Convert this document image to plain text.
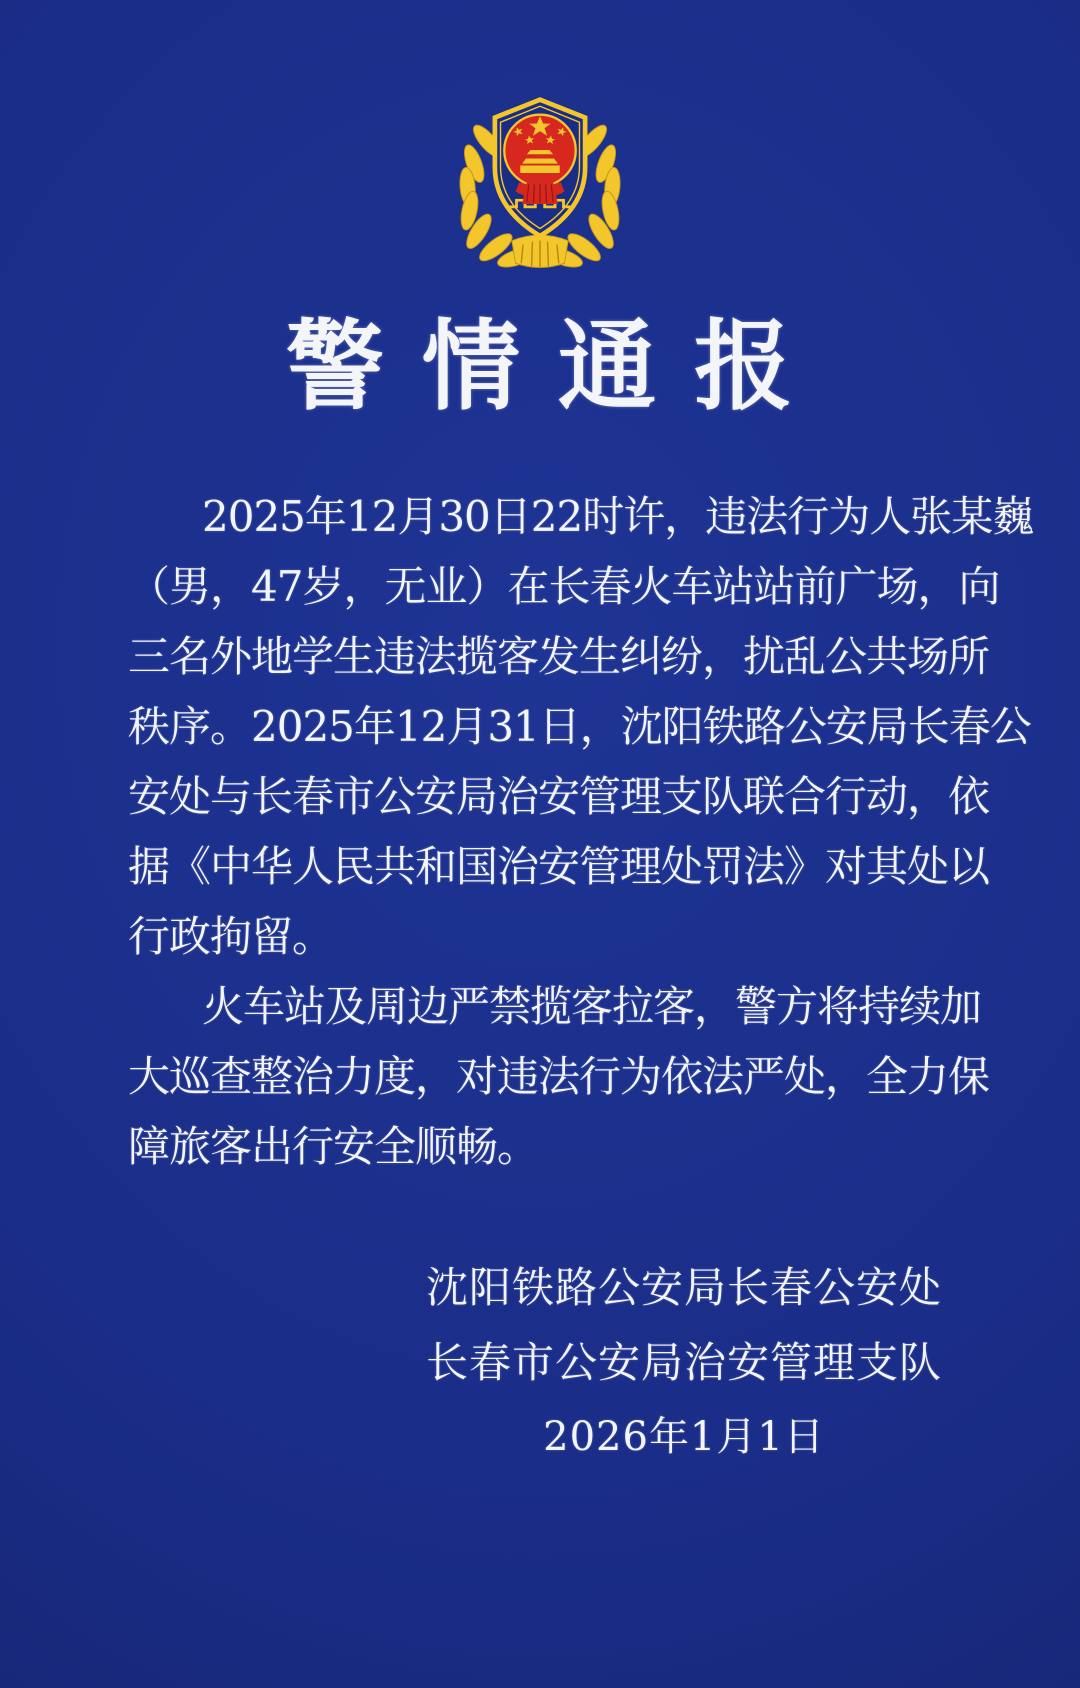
警 情 通 报

2025年12月30日22时许，违法行为人张某巍

（男，47岁，无业）在长春火车站站前广场，向

三名外地学生违法揽客发生纠纷，扰乱公共场所

秩序。2025年12月31日，沈阳铁路公安局长春公

安处与长春市公安局治安管理支队联合行动，依

据《中华人民共和国治安管理处罚法》对其处以

行政拘留。

火车站及周边严禁揽客拉客，警方将持续加

大巡查整治力度，对违法行为依法严处，全力保

障旅客出行安全顺畅。

沈阳铁路公安局长春公安处

长春市公安局治安管理支队

2026年1月1日
